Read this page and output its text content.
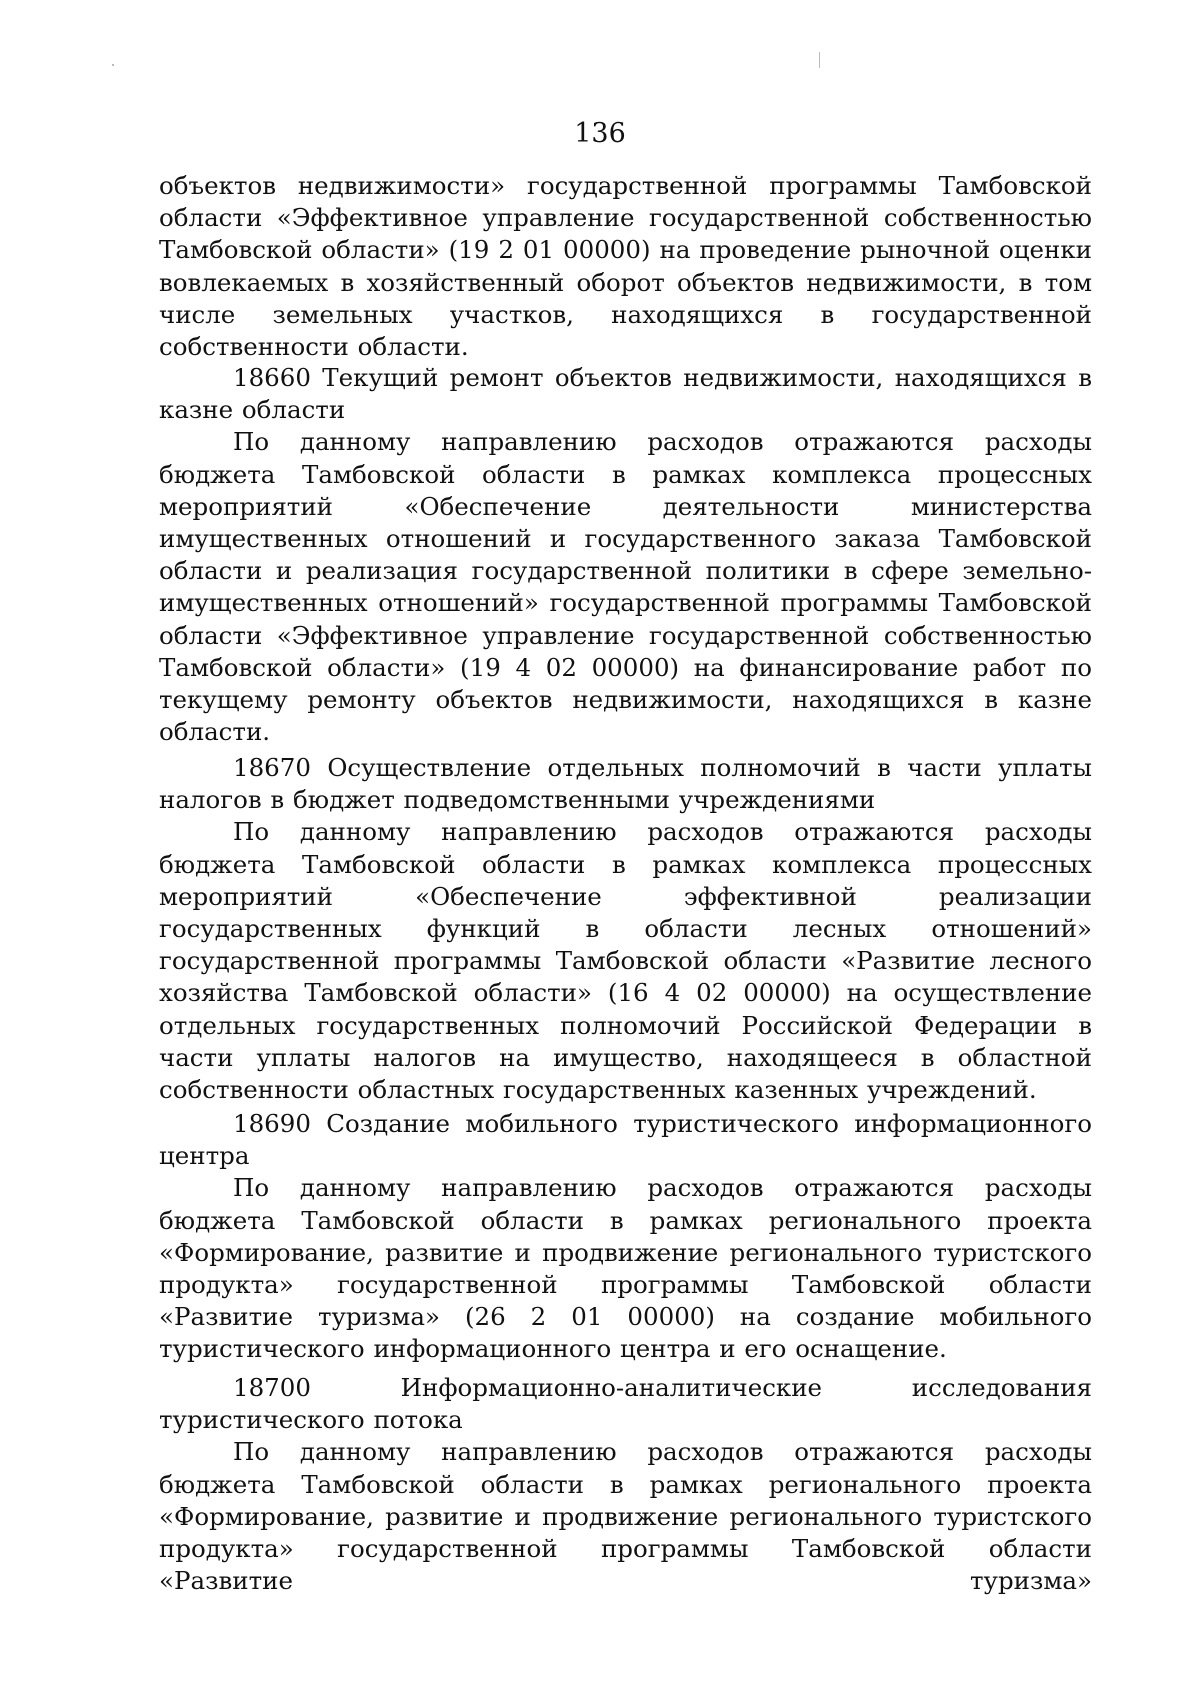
136

объектов недвижимости» государственной программы Тамбовской области «Эффективное управление государственной собственностью Тамбовской области» (19 2 01 00000) на проведение рыночной оценки вовлекаемых в хозяйственный оборот объектов недвижимости, в том числе земельных участков, находящихся в государственной собственности области.

18660 Текущий ремонт объектов недвижимости, находящихся в казне области

По данному направлению расходов отражаются расходы бюджета Тамбовской области в рамках комплекса процессных мероприятий «Обеспечение деятельности министерства имущественных отношений и государственного заказа Тамбовской области и реализация государственной политики в сфере земельно-имущественных отношений» государственной программы Тамбовской области «Эффективное управление государственной собственностью Тамбовской области» (19 4 02 00000) на финансирование работ по текущему ремонту объектов недвижимости, находящихся в казне области.

18670 Осуществление отдельных полномочий в части уплаты налогов в бюджет подведомственными учреждениями

По данному направлению расходов отражаются расходы бюджета Тамбовской области в рамках комплекса процессных мероприятий «Обеспечение эффективной реализации государственных функций в области лесных отношений» государственной программы Тамбовской области «Развитие лесного хозяйства Тамбовской области» (16 4 02 00000) на осуществление отдельных государственных полномочий Российской Федерации в части уплаты налогов на имущество, находящееся в областной собственности областных государственных казенных учреждений.

18690 Создание мобильного туристического информационного центра

По данному направлению расходов отражаются расходы бюджета Тамбовской области в рамках регионального проекта «Формирование, развитие и продвижение регионального туристского продукта» государственной программы Тамбовской области «Развитие туризма» (26 2 01 00000) на создание мобильного туристического информационного центра и его оснащение.

18700 Информационно-аналитические исследования туристического потока

По данному направлению расходов отражаются расходы бюджета Тамбовской области в рамках регионального проекта «Формирование, развитие и продвижение регионального туристского продукта» государственной программы Тамбовской области «Развитие туризма»
